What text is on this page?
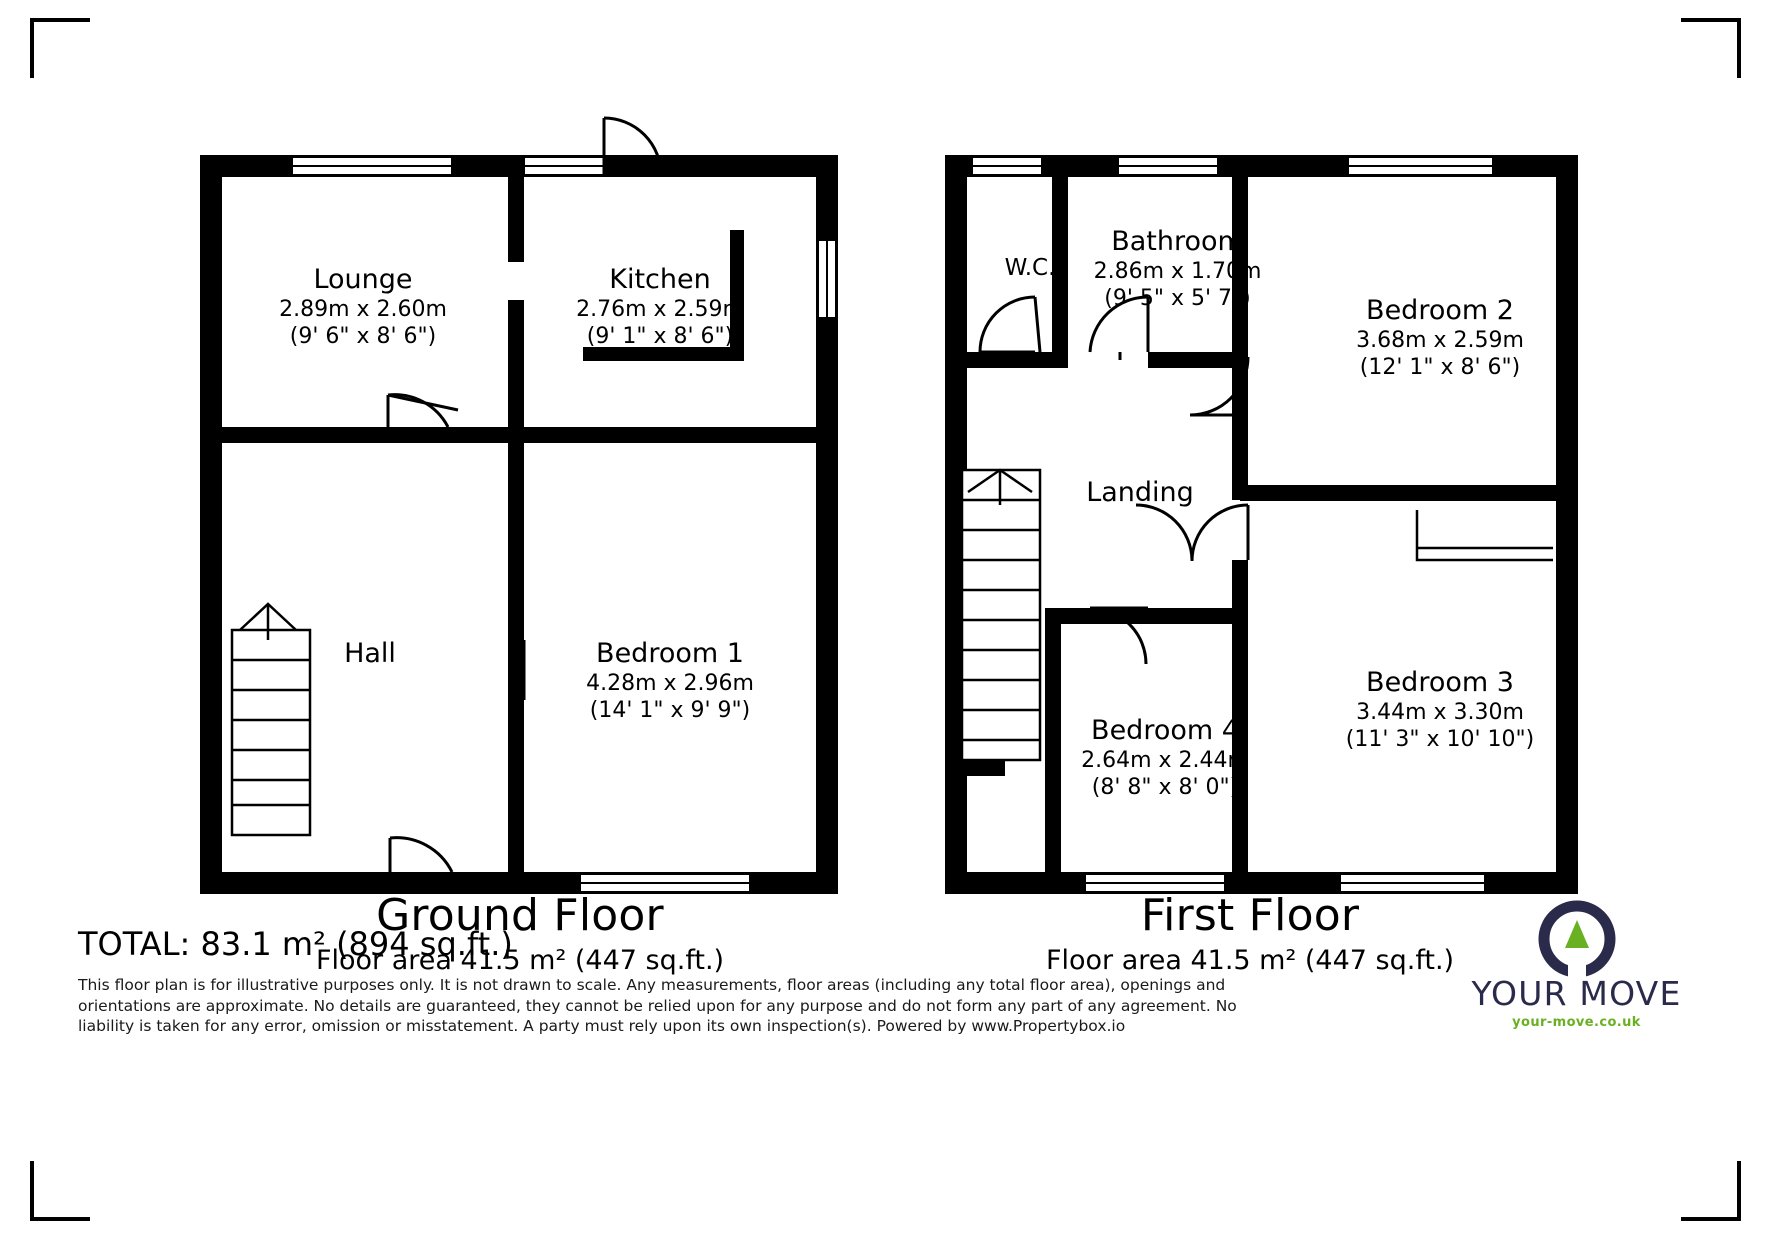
Lounge
2.89m x 2.60m
(9' 6" x 8' 6")
Kitchen
2.76m x 2.59m
(9' 1" x 8' 6")
Hall	Bedroom 1
4.28m x 2.96m
(14' 1" x 9' 9")
Ground Floor
Floor area 41.5 m² (447 sq.ft.)
W.C.
Bathroom
2.86m x 1.70m
(9' 5" x 5' 7")	Bedroom 2
3.68m x 2.59m
(12' 1" x 8' 6")
Landing
Bedroom 3
3.44m x 3.30m
(11' 3" x 10' 10")
Bedroom 4
2.64m x 2.44m
(8' 8" x 8' 0")
First Floor
Floor area 41.5 m² (447 sq.ft.)
TOTAL: 83.1 m² (894 sq.ft.)
This floor plan is for illustrative purposes only. It is not drawn to scale. Any measurements, floor areas (including any total floor area), openings and orientations are approximate. No details are guaranteed, they cannot be relied upon for any purpose and do not form any part of any agreement. No liability is taken for any error, omission or misstatement. A party must rely upon its own inspection(s). Powered by www.Propertybox.io
YOUR MOVE
your-move.co.uk
